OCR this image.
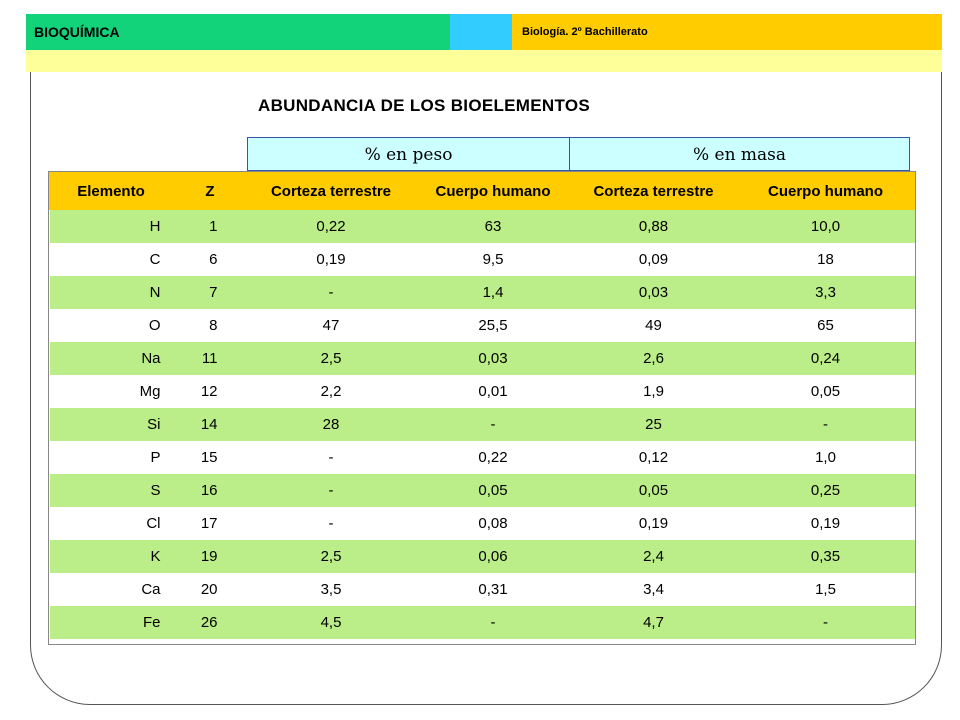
BIOQUÍMICA	Biología. 2º Bachillerato
ABUNDANCIA DE LOS BIOELEMENTOS
% en peso	% en masa
Elemento	Z	Corteza terrestre	Cuerpo humano	Corteza terrestre	Cuerpo humano
H	1	0,22	63	0,88	10,0
C	6	0,19	9,5	0,09	18
N	7	-	1,4	0,03	3,3
O	8	47	25,5	49	65
Na	11	2,5	0,03	2,6	0,24
Mg	12	2,2	0,01	1,9	0,05
Si	14	28	-	25	-
P	15	-	0,22	0,12	1,0
S	16	-	0,05	0,05	0,25
Cl	17	-	0,08	0,19	0,19
K	19	2,5	0,06	2,4	0,35
Ca	20	3,5	0,31	3,4	1,5
Fe	26	4,5	-	4,7	-
